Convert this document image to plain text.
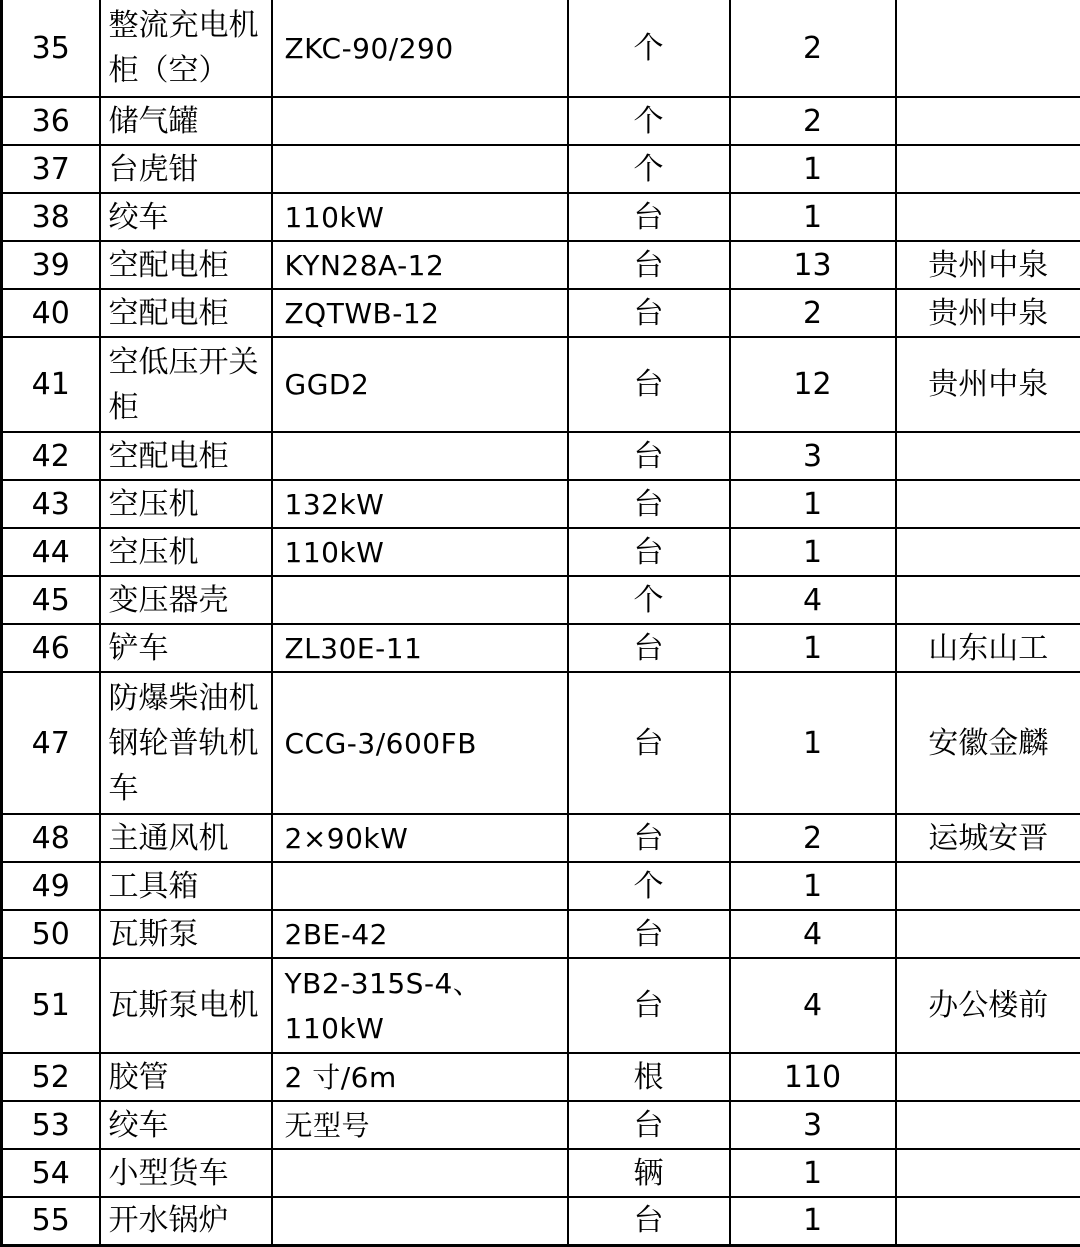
35	整流充电机柜（空）	ZKC-90/290	个	2	
36	储气罐		个	2	
37	台虎钳		个	1	
38	绞车	110kW	台	1	
39	空配电柜	KYN28A-12	台	13	贵州中泉
40	空配电柜	ZQTWB-12	台	2	贵州中泉
41	空低压开关柜	GGD2	台	12	贵州中泉
42	空配电柜		台	3	
43	空压机	132kW	台	1	
44	空压机	110kW	台	1	
45	变压器壳		个	4	
46	铲车	ZL30E-11	台	1	山东山工
47	防爆柴油机钢轮普轨机车	CCG-3/600FB	台	1	安徽金麟
48	主通风机	2×90kW	台	2	运城安晋
49	工具箱		个	1	
50	瓦斯泵	2BE-42	台	4	
51	瓦斯泵电机	YB2-315S-4、110kW	台	4	办公楼前
52	胶管	2 寸/6m	根	110	
53	绞车	无型号	台	3	
54	小型货车		辆	1	
55	开水锅炉		台	1	
